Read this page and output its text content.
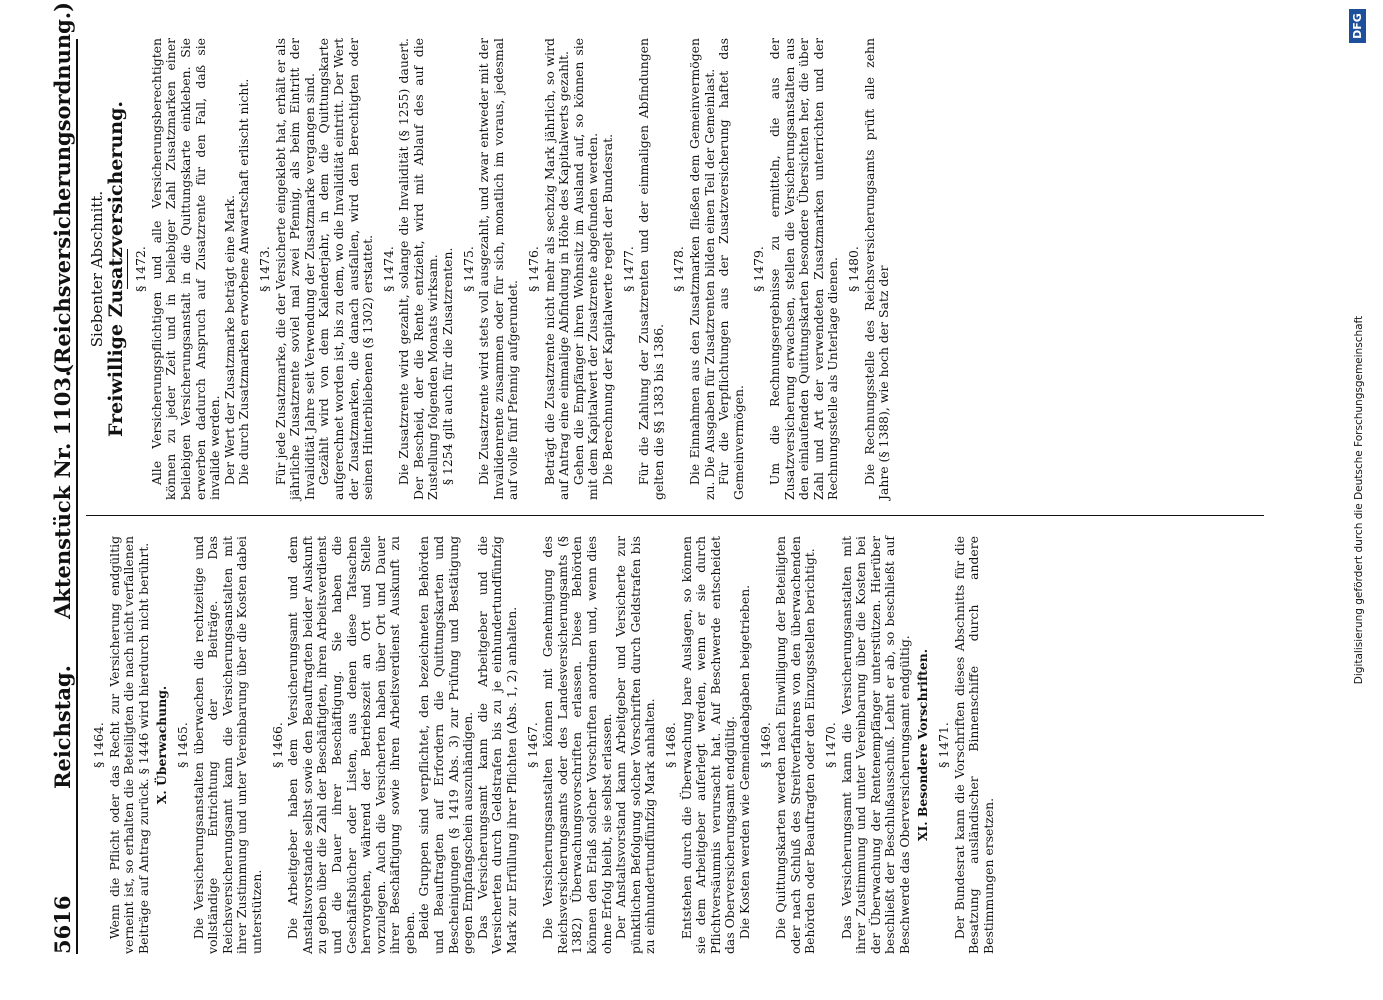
5616
Reichstag.
Aktenstück Nr. 1103.
(Reichsversicherungsordnung.)

§ 1464. Wenn die Pflicht oder das Recht zur Versicherung endgültig verneint ist, so erhalten die Beteiligten die nach nicht verfallenen Beiträge auf Antrag zurück. § 1446 wird hierdurch nicht berührt. X. Überwachung. § 1465. Die Versicherungsanstalten überwachen die rechtzeitige und vollständige Entrichtung der Beiträge. Das Reichsversicherungsamt kann die Versicherungsanstalten mit ihrer Zustimmung und unter Vereinbarung über die Kosten dabei unterstützen.

§ 1466. Die Arbeitgeber haben dem Versicherungsamt und dem Anstaltsvorstande selbst sowie den Beauftragten beider Auskunft zu geben über die Zahl der Beschäftigten, ihren Arbeitsverdienst und die Dauer ihrer Beschäftigung. Sie haben die Geschäftsbücher oder Listen, aus denen diese Tatsachen hervorgehen, während der Betriebszeit an Ort und Stelle vorzulegen. Auch die Versicherten haben über Ort und Dauer ihrer Beschäftigung sowie ihren Arbeitsverdienst Auskunft zu geben. Beide Gruppen sind verpflichtet, den bezeichneten Behörden und Beauftragten auf Erfordern die Quittungskarten und Bescheinigungen (§ 1419 Abs. 3) zur Prüfung und Bestätigung gegen Empfangschein auszuhändigen. Das Versicherungsamt kann die Arbeitgeber und die Versicherten durch Geldstrafen bis zu je einhundertundfünfzig Mark zur Erfüllung ihrer Pflichten (Abs. 1, 2) anhalten. § 1467. Die Versicherungsanstalten können mit Genehmigung des Reichsversicherungsamts oder des Landesversicherungsamts (§ 1382) Überwachungsvorschriften erlassen. Diese Behörden können den Erlaß solcher Vorschriften anordnen und, wenn dies ohne Erfolg bleibt, sie selbst erlassen. Der Anstaltsvorstand kann Arbeitgeber und Versicherte zur pünktlichen Befolgung solcher Vorschriften durch Geldstrafen bis zu einhundertundfünfzig Mark anhalten. § 1468. Entstehen durch die Überwachung bare Auslagen, so können sie dem Arbeitgeber auferlegt werden, wenn er sie durch Pflichtversäumnis verursacht hat. Auf Beschwerde entscheidet das Oberversicherungsamt endgültig. Die Kosten werden wie Gemeindeabgaben beigetrieben. § 1469. Die Quittungskarten werden nach Einwilligung der Beteiligten oder nach Schluß des Streitverfahrens von den überwachenden Behörden oder Beauftragten oder den Einzugsstellen berichtigt. § 1470. Das Versicherungsamt kann die Versicherungsanstalten mit ihrer Zustimmung und unter Vereinbarung über die Kosten bei der Überwachung der Rentenempfänger unterstützen. Hierüber beschließt der Beschlußausschuß. Lehnt er ab, so beschließt auf Beschwerde das Oberversicherungsamt endgültig. XI. Besondere Vorschriften. § 1471. Der Bundesrat kann die Vorschriften dieses Abschnitts für die Besatzung ausländischer Binnenschiffe durch andere Bestimmungen ersetzen.

Siebenter Abschnitt.

Freiwillige Zusatzversicherung. § 1472. Alle Versicherungspflichtigen und alle Versicherungsberechtigten können zu jeder Zeit und in beliebiger Zahl Zusatzmarken einer beliebigen Versicherungsanstalt in die Quittungskarte einkleben. Sie erwerben dadurch Anspruch auf Zusatzrente für den Fall, daß sie invalide werden. Der Wert der Zusatzmarke beträgt eine Mark. Die durch Zusatzmarken erworbene Anwartschaft erlischt nicht. § 1473. Für jede Zusatzmarke, die der Versicherte eingeklebt hat, erhält er als jährliche Zusatzrente soviel mal zwei Pfennig, als beim Eintritt der Invalidität Jahre seit Verwendung der Zusatzmarke vergangen sind. Gezählt wird von dem Kalenderjahr, in dem die Quittungskarte aufgerechnet worden ist, bis zu dem, wo die Invalidität eintritt. Der Wert der Zusatzmarken, die danach ausfallen, wird den Berechtigten oder seinen Hinterbliebenen (§ 1302) erstattet. § 1474. Die Zusatzrente wird gezahlt, solange die Invalidität (§ 1255) dauert. Der Bescheid, der die Rente entzieht, wird mit Ablauf des auf die Zustellung folgenden Monats wirksam. § 1254 gilt auch für die Zusatzrenten. § 1475. Die Zusatzrente wird stets voll ausgezahlt, und zwar entweder mit der Invalidenrente zusammen oder für sich, monatlich im voraus, jedesmal auf volle fünf Pfennig aufgerundet.

§ 1476. Beträgt die Zusatzrente nicht mehr als sechzig Mark jährlich, so wird auf Antrag eine einmalige Abfindung in Höhe des Kapitalwerts gezahlt. Gehen die Empfänger ihren Wohnsitz im Ausland auf, so können sie mit dem Kapitalwert der Zusatzrente abgefunden werden. Die Berechnung der Kapitalwerte regelt der Bundesrat. § 1477. Für die Zahlung der Zusatzrenten und der einmaligen Abfindungen gelten die §§ 1383 bis 1386.

§ 1478. Die Einnahmen aus den Zusatzmarken fließen dem Gemeinvermögen zu. Die Ausgaben für Zusatzrenten bilden einen Teil der Gemeinlast. Für die Verpflichtungen aus der Zusatzversicherung haftet das Gemeinvermögen.

§ 1479. Um die Rechnungsergebnisse zu ermitteln, die aus der Zusatzversicherung erwachsen, stellen die Versicherungsanstalten aus den einlaufenden Quittungskarten besondere Übersichten her, die über Zahl und Art der verwendeten Zusatzmarken unterrichten und der Rechnungsstelle als Unterlage dienen. § 1480. Die Rechnungsstelle des Reichsversicherungsamts prüft alle zehn Jahre (§ 1388), wie hoch der Satz der	Digitalisierung gefördert durch die Deutsche Forschungsgemeinschaft
DFG
